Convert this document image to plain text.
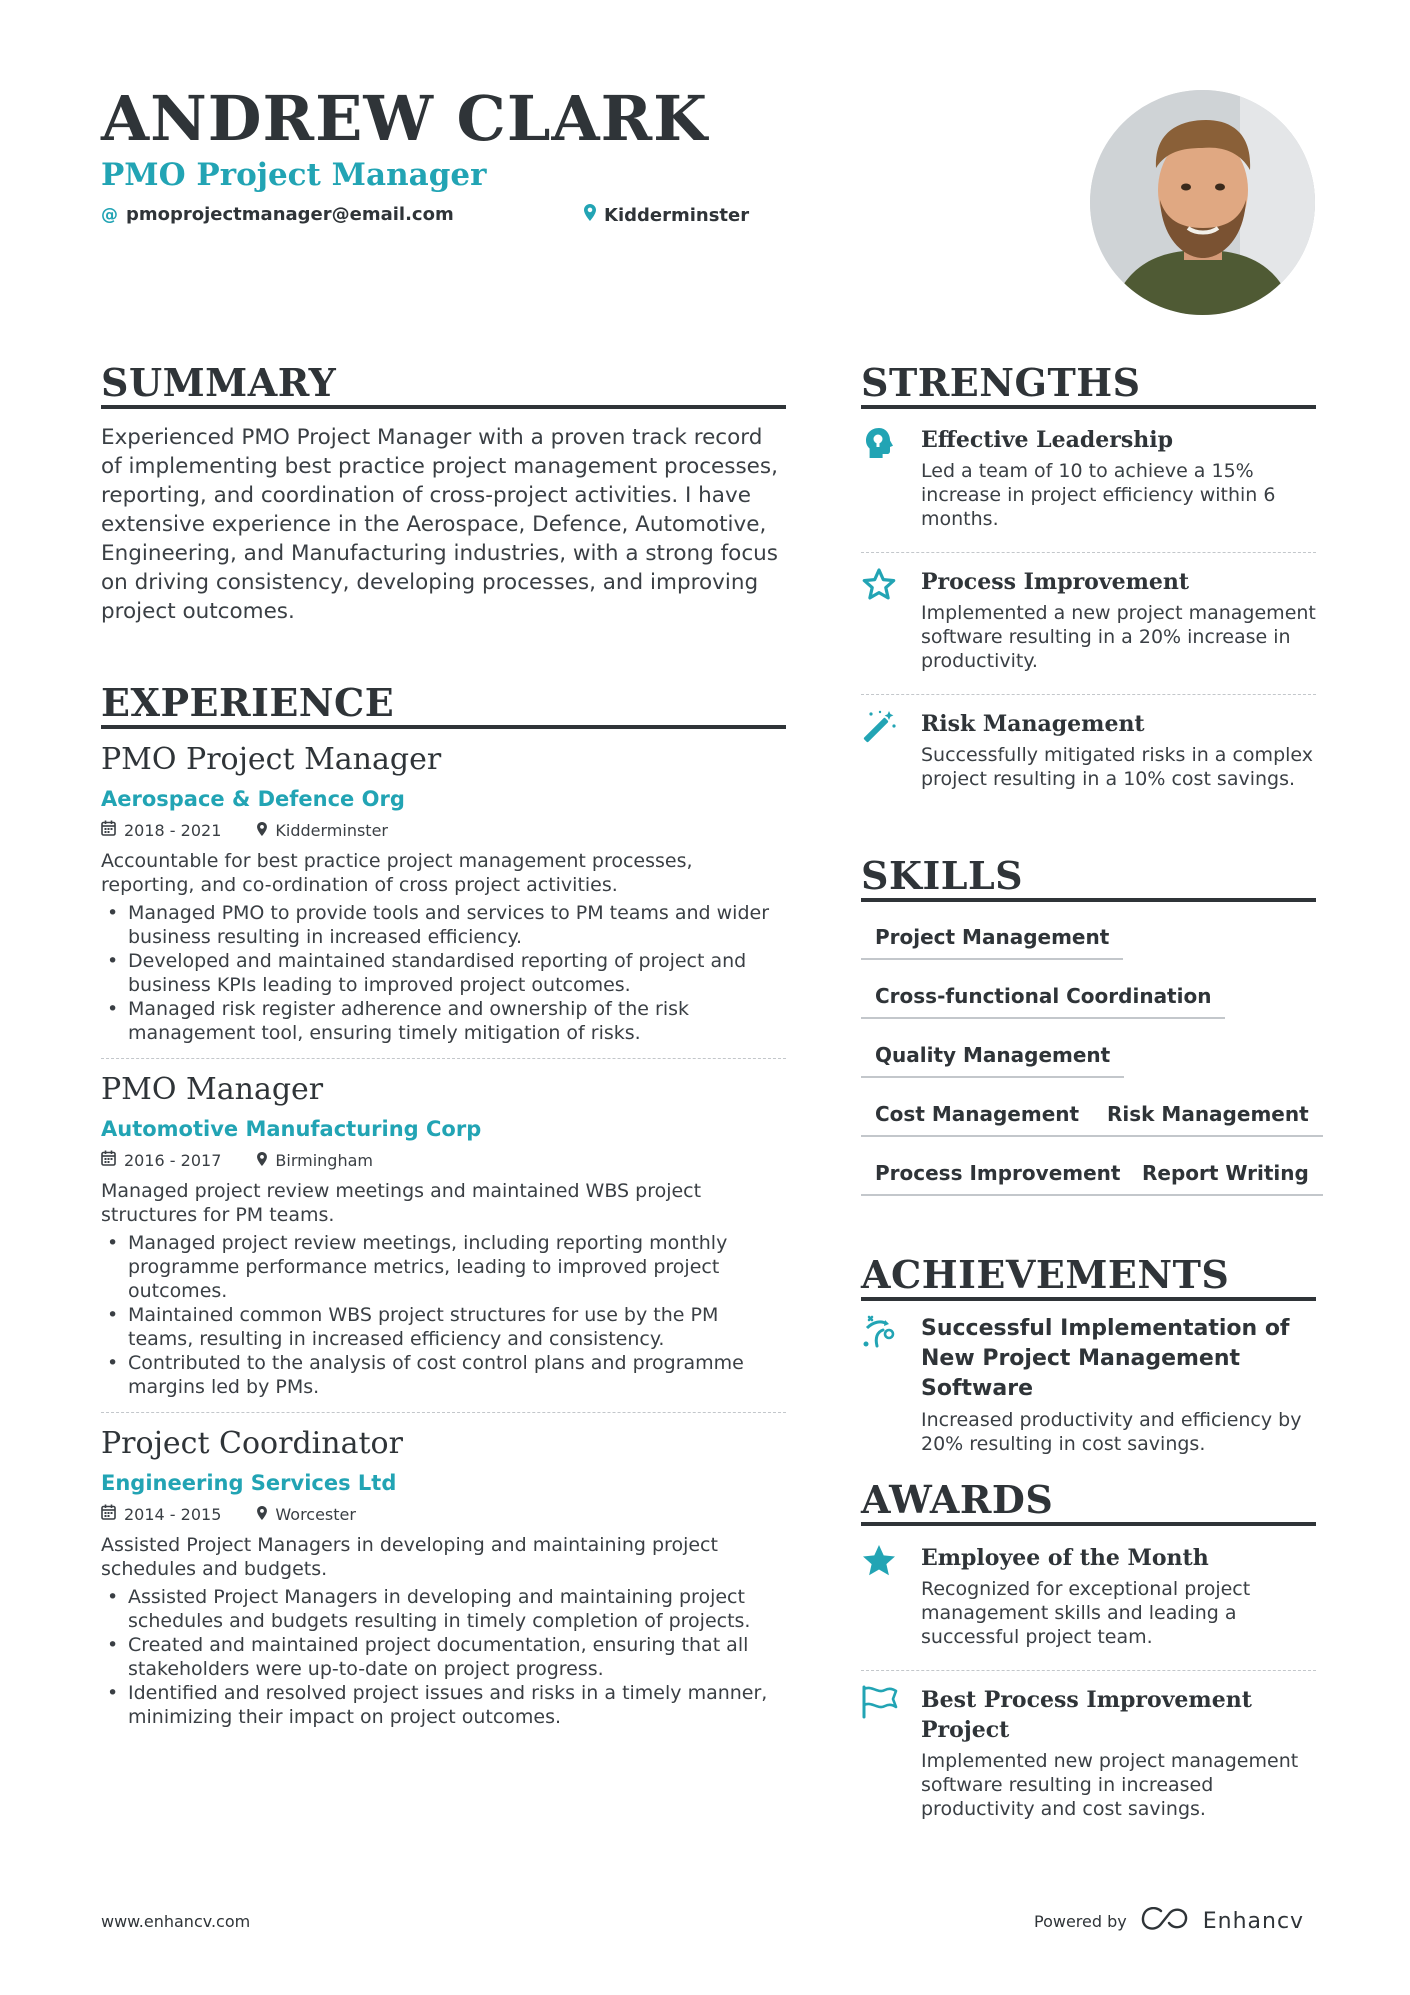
ANDREW CLARK
PMO Project Manager
@ pmoprojectmanager@email.com	Kidderminster
SUMMARY
Experienced PMO Project Manager with a proven track record of implementing best practice project management processes, reporting, and coordination of cross-project activities. I have extensive experience in the Aerospace, Defence, Automotive, Engineering, and Manufacturing industries, with a strong focus on driving consistency, developing processes, and improving project outcomes.
EXPERIENCE
PMO Project Manager
Aerospace & Defence Org
2018 - 2021	Kidderminster
Accountable for best practice project management processes, reporting, and co-ordination of cross project activities.
• Managed PMO to provide tools and services to PM teams and wider business resulting in increased efficiency.
• Developed and maintained standardised reporting of project and business KPIs leading to improved project outcomes.
• Managed risk register adherence and ownership of the risk management tool, ensuring timely mitigation of risks.
PMO Manager
Automotive Manufacturing Corp
2016 - 2017	Birmingham
Managed project review meetings and maintained WBS project structures for PM teams.
• Managed project review meetings, including reporting monthly programme performance metrics, leading to improved project outcomes.
• Maintained common WBS project structures for use by the PM teams, resulting in increased efficiency and consistency.
• Contributed to the analysis of cost control plans and programme margins led by PMs.
Project Coordinator
Engineering Services Ltd
2014 - 2015	Worcester
Assisted Project Managers in developing and maintaining project schedules and budgets.
• Assisted Project Managers in developing and maintaining project schedules and budgets resulting in timely completion of projects.
• Created and maintained project documentation, ensuring that all stakeholders were up-to-date on project progress.
• Identified and resolved project issues and risks in a timely manner, minimizing their impact on project outcomes.
STRENGTHS
Effective Leadership
Led a team of 10 to achieve a 15% increase in project efficiency within 6 months.
Process Improvement
Implemented a new project management software resulting in a 20% increase in productivity.
Risk Management
Successfully mitigated risks in a complex project resulting in a 10% cost savings.
SKILLS
Project Management
Cross-functional Coordination
Quality Management
Cost Management	Risk Management
Process Improvement	Report Writing
ACHIEVEMENTS
Successful Implementation of New Project Management Software
Increased productivity and efficiency by 20% resulting in cost savings.
AWARDS
Employee of the Month
Recognized for exceptional project management skills and leading a successful project team.
Best Process Improvement Project
Implemented new project management software resulting in increased productivity and cost savings.
www.enhancv.com	Powered by	Enhancv
